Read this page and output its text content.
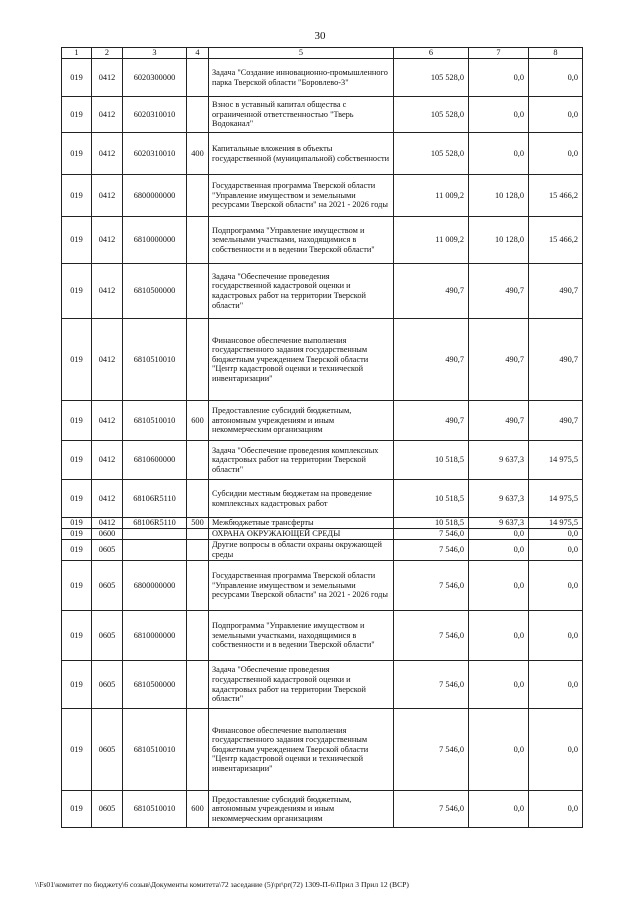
30
1	2	3	4	5	6	7	8
019	0412	6020300000		Задача "Создание инновационно-промышленного парка Тверской области "Боровлево-3"	105 528,0	0,0	0,0
019	0412	6020310010		Взнос в уставный капитал общества с ограниченной ответственностью "Тверь Водоканал"	105 528,0	0,0	0,0
019	0412	6020310010	400	Капитальные вложения в объекты государственной (муниципальной) собственности	105 528,0	0,0	0,0
019	0412	6800000000		Государственная программа Тверской области "Управление имуществом и земельными ресурсами Тверской области" на 2021 - 2026 годы	11 009,2	10 128,0	15 466,2
019	0412	6810000000		Подпрограмма "Управление имуществом и земельными участками, находящимися в собственности и в ведении Тверской области"	11 009,2	10 128,0	15 466,2
019	0412	6810500000		Задача "Обеспечение проведения государственной кадастровой оценки и кадастровых работ на территории Тверской области"	490,7	490,7	490,7
019	0412	6810510010		Финансовое обеспечение выполнения государственного задания государственным бюджетным учреждением Тверской области "Центр кадастровой оценки и технической инвентаризации"	490,7	490,7	490,7
019	0412	6810510010	600	Предоставление субсидий бюджетным, автономным учреждениям и иным некоммерческим организациям	490,7	490,7	490,7
019	0412	6810600000		Задача "Обеспечение проведения комплексных кадастровых работ на территории Тверской области"	10 518,5	9 637,3	14 975,5
019	0412	68106R5110		Субсидии местным бюджетам на проведение комплексных кадастровых работ	10 518,5	9 637,3	14 975,5
019	0412	68106R5110	500	Межбюджетные трансферты	10 518,5	9 637,3	14 975,5
019	0600			ОХРАНА ОКРУЖАЮЩЕЙ СРЕДЫ	7 546,0	0,0	0,0
019	0605			Другие вопросы в области охраны окружающей среды	7 546,0	0,0	0,0
019	0605	6800000000		Государственная программа Тверской области "Управление имуществом и земельными ресурсами Тверской области" на 2021 - 2026 годы	7 546,0	0,0	0,0
019	0605	6810000000		Подпрограмма "Управление имуществом и земельными участками, находящимися в собственности и в ведении Тверской области"	7 546,0	0,0	0,0
019	0605	6810500000		Задача "Обеспечение проведения государственной кадастровой оценки и кадастровых работ на территории Тверской области"	7 546,0	0,0	0,0
019	0605	6810510010		Финансовое обеспечение выполнения государственного задания государственным бюджетным учреждением Тверской области "Центр кадастровой оценки и технической инвентаризации"	7 546,0	0,0	0,0
019	0605	6810510010	600	Предоставление субсидий бюджетным, автономным учреждениям и иным некоммерческим организациям	7 546,0	0,0	0,0
\\Fs01\комитет по бюджету\6 созыв\Документы комитета\72 заседание (5)\pr\pr(72) 1309-П-6\Прил 3 Прил 12 (ВСР)
